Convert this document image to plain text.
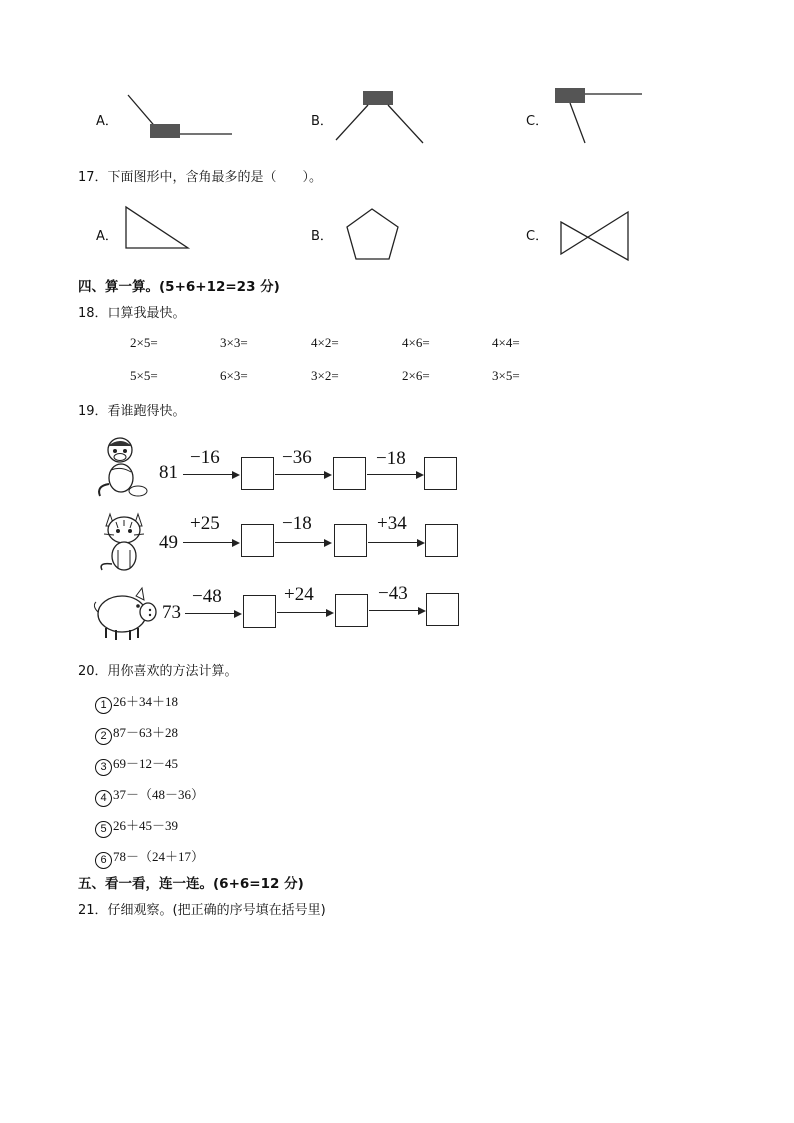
A．	B．	C．
17．下面图形中，含角最多的是（　　）。
A．	B．	C．
四、算一算。(5+6+12=23 分)
18．口算我最快。
2×5=	3×3=	4×2=	4×6=	4×4=
5×5=	6×3=	3×2=	2×6=	3×5=
19．看谁跑得快。
81
−16	−36	−18
49
+25	−18	+34
73
−48	+24	−43
20．用你喜欢的方法计算。
1 26＋34＋18
2 87－63＋28
3 69－12－45
4 37－（48－36）
5 26＋45－39
6 78－（24＋17）
五、看一看，连一连。(6+6=12 分)
21．仔细观察。(把正确的序号填在括号里)
